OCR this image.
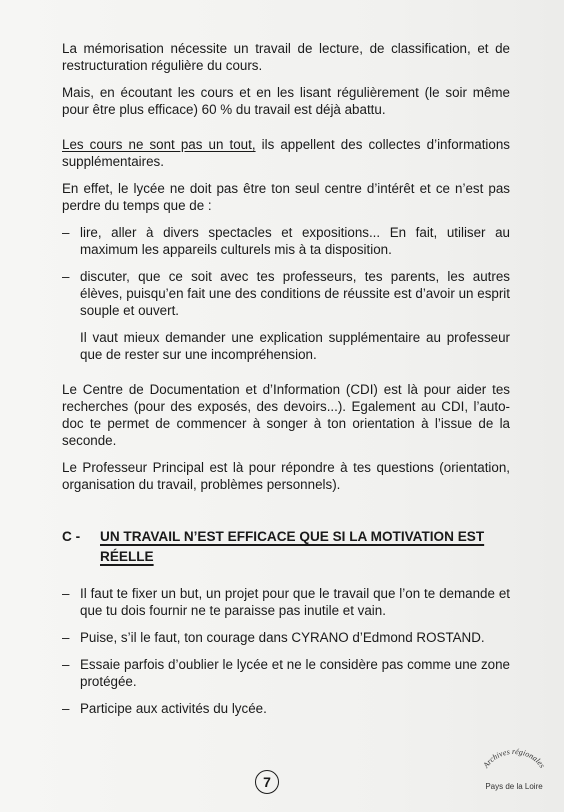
La mémorisation nécessite un travail de lecture, de classification, et de restructuration régulière du cours.

Mais, en écoutant les cours et en les lisant régulièrement (le soir même pour être plus efficace) 60 % du travail est déjà abattu.

Les cours ne sont pas un tout, ils appellent des collectes d’informations supplémentaires.

En effet, le lycée ne doit pas être ton seul centre d’intérêt et ce n’est pas perdre du temps que de :

– lire, aller à divers spectacles et expositions... En fait, utiliser au maximum les appareils culturels mis à ta disposition.
– discuter, que ce soit avec tes professeurs, tes parents, les autres élèves, puisqu’en fait une des conditions de réussite est d’avoir un esprit souple et ouvert.

Il vaut mieux demander une explication supplémentaire au professeur que de rester sur une incompréhension.

Le Centre de Documentation et d’Information (CDI) est là pour aider tes recherches (pour des exposés, des devoirs...). Egalement au CDI, l’auto-doc te permet de commencer à songer à ton orientation à l’issue de la seconde.

Le Professeur Principal est là pour répondre à tes questions (orientation, organisation du travail, problèmes personnels).

C - UN TRAVAIL N’EST EFFICACE QUE SI LA MOTIVATION EST RÉELLE
– Il faut te fixer un but, un projet pour que le travail que l’on te demande et que tu dois fournir ne te paraisse pas inutile et vain.
– Puise, s’il le faut, ton courage dans CYRANO d’Edmond ROSTAND.
– Essaie parfois d’oublier le lycée et ne le considère pas comme une zone protégée.
– Participe aux activités du lycée.
7
Archives régionales
Pays de la Loire
